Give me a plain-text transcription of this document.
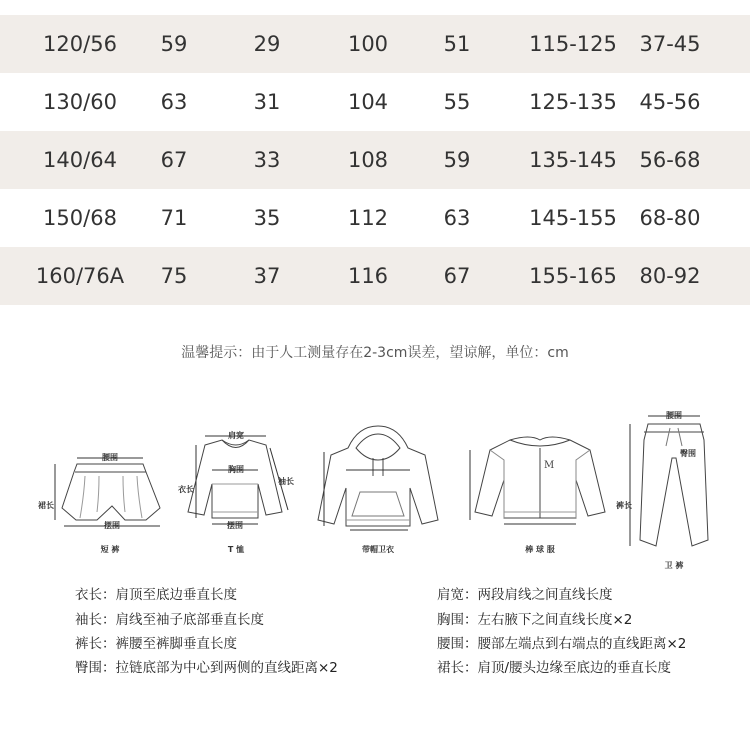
120/56 59	29	100	51	115-125 37-45
130/60 63	31	104	55	125-135 45-56
140/64 67	33	108	59	135-145 56-68
150/68 71	35	112	63	145-155 68-80
160/76A 75	37	116	67	155-165 80-92
温馨提示：由于人工测量存在2-3cm误差，望谅解，单位：cm
M
腰围
裙长
摆围
短 裤
肩宽
胸围
衣长
袖长
摆围
T 恤	带帽卫衣	棒 球 服
腰围
臀围
裤长
卫 裤
衣长：肩顶至底边垂直长度
袖长：肩线至袖子底部垂直长度
裤长：裤腰至裤脚垂直长度
臀围：拉链底部为中心到两侧的直线距离×2
肩宽：两段肩线之间直线长度
胸围：左右腋下之间直线长度×2
腰围：腰部左端点到右端点的直线距离×2
裙长：肩顶/腰头边缘至底边的垂直长度
